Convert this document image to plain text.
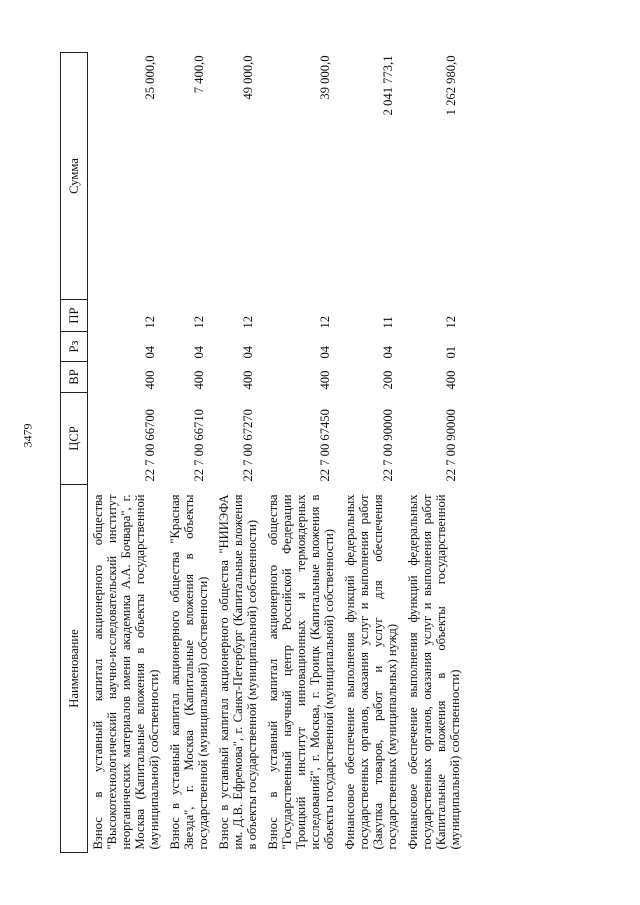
3479
Наименование	ЦСР	ВР	Рз	ПР	Сумма
Взнос в уставный капитал акционерного общества "Высокотехнологический научно-исследовательский институт неорганических материалов имени академика А.А. Бочвара", г. Москва (Капитальные вложения в объекты государственной (муниципальной) собственности)	22 7 00 66700	400	04	12	25 000,0
Взнос в уставный капитал акционерного общества "Красная Звезда", г. Москва (Капитальные вложения в объекты государственной (муниципальной) собственности)	22 7 00 66710	400	04	12	7 400,0
Взнос в уставный капитал акционерного общества "НИИЭФА им. Д.В. Ефремова", г. Санкт-Петербург (Капитальные вложения в объекты государственной (муниципальной) собственности)	22 7 00 67270	400	04	12	49 000,0
Взнос в уставный капитал акционерного общества "Государственный научный центр Российской Федерации Троицкий институт инновационных и термоядерных исследований", г. Москва, г. Троицк (Капитальные вложения в объекты государственной (муниципальной) собственности)	22 7 00 67450	400	04	12	39 000,0
Финансовое обеспечение выполнения функций федеральных государственных органов, оказания услуг и выполнения работ (Закупка товаров, работ и услуг для обеспечения государственных (муниципальных) нужд)	22 7 00 90000	200	04	11	2 041 773,1
Финансовое обеспечение выполнения функций федеральных государственных органов, оказания услуг и выполнения работ (Капитальные вложения в объекты государственной (муниципальной) собственности)	22 7 00 90000	400	01	12	1 262 980,0
